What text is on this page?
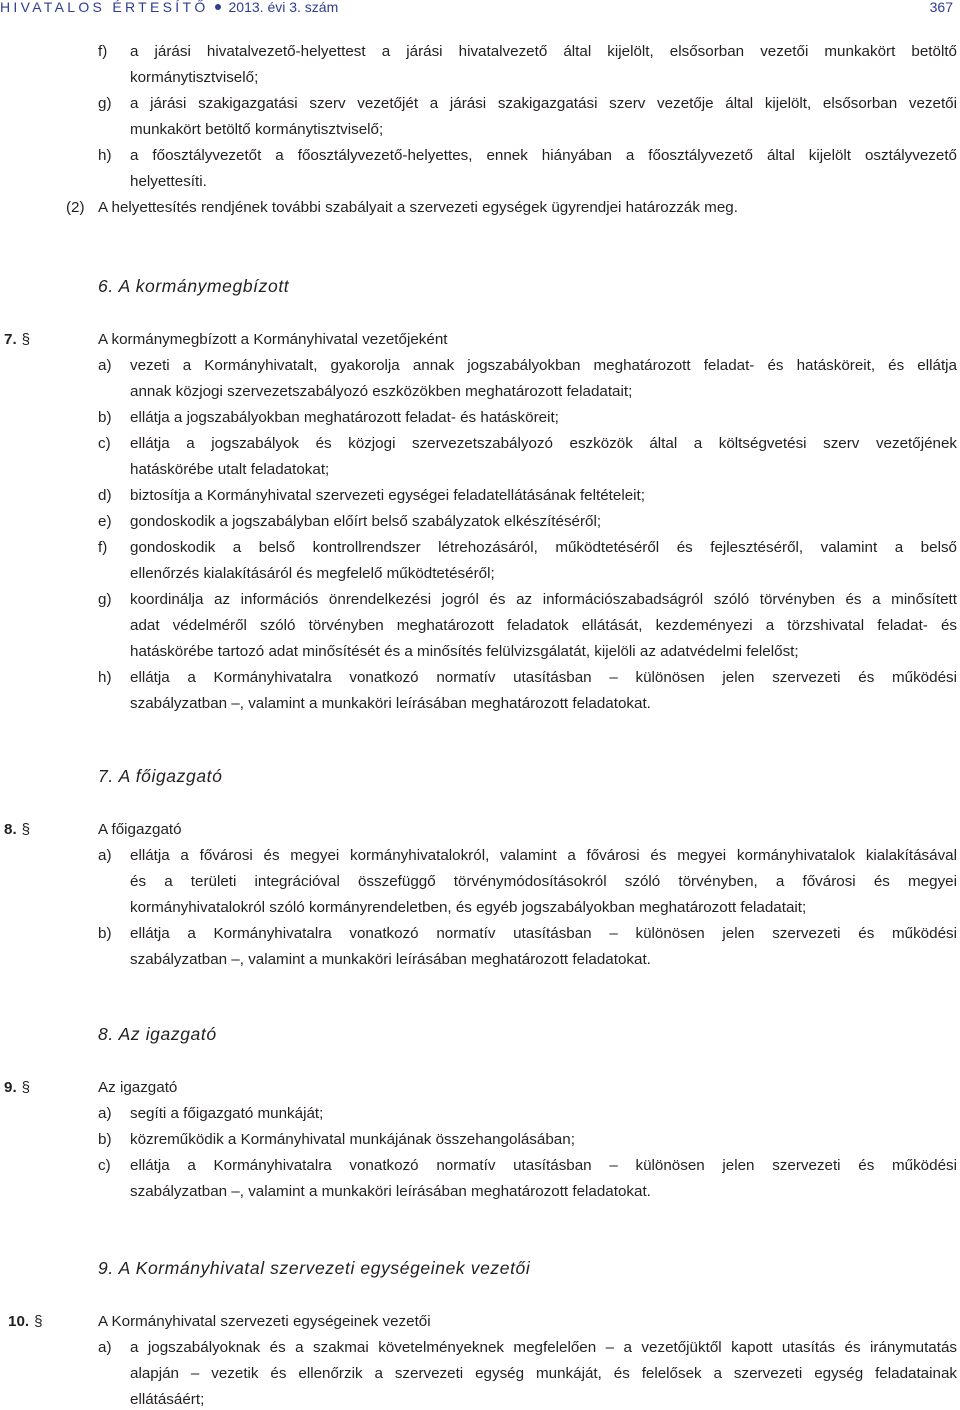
HIVATALOS ÉRTESÍTŐ 2013. évi 3. szám	367
f) a járási hivatalvezető-helyettest a járási hivatalvezető által kijelölt, elsősorban vezetői munkakört betöltő
kormánytisztviselő;
g) a járási szakigazgatási szerv vezetőjét a járási szakigazgatási szerv vezetője által kijelölt, elsősorban vezetői
munkakört betöltő kormánytisztviselő;
h) a főosztályvezetőt a főosztályvezető-helyettes, ennek hiányában a főosztályvezető által kijelölt osztályvezető
helyettesíti.
(2) A helyettesítés rendjének további szabályait a szervezeti egységek ügyrendjei határozzák meg.
6. A kormánymegbízott
7. §	A kormánymegbízott a Kormányhivatal vezetőjeként
a) vezeti a Kormányhivatalt, gyakorolja annak jogszabályokban meghatározott feladat- és hatásköreit, és ellátja
annak közjogi szervezetszabályozó eszközökben meghatározott feladatait;
b) ellátja a jogszabályokban meghatározott feladat- és hatásköreit;
c) ellátja a jogszabályok és közjogi szervezetszabályozó eszközök által a költségvetési szerv vezetőjének
hatáskörébe utalt feladatokat;
d) biztosítja a Kormányhivatal szervezeti egységei feladatellátásának feltételeit;
e) gondoskodik a jogszabályban előírt belső szabályzatok elkészítéséről;
f) gondoskodik a belső kontrollrendszer létrehozásáról, működtetéséről és fejlesztéséről, valamint a belső
ellenőrzés kialakításáról és megfelelő működtetéséről;
g) koordinálja az információs önrendelkezési jogról és az információszabadságról szóló törvényben és a minősített
adat védelméről szóló törvényben meghatározott feladatok ellátását, kezdeményezi a törzshivatal feladat- és
hatáskörébe tartozó adat minősítését és a minősítés felülvizsgálatát, kijelöli az adatvédelmi felelőst;
h) ellátja a Kormányhivatalra vonatkozó normatív utasításban – különösen jelen szervezeti és működési
szabályzatban –, valamint a munkaköri leírásában meghatározott feladatokat.
7. A főigazgató
8. §	A főigazgató
a) ellátja a fővárosi és megyei kormányhivatalokról, valamint a fővárosi és megyei kormányhivatalok kialakításával
és a területi integrációval összefüggő törvénymódosításokról szóló törvényben, a fővárosi és megyei
kormányhivatalokról szóló kormányrendeletben, és egyéb jogszabályokban meghatározott feladatait;
b) ellátja a Kormányhivatalra vonatkozó normatív utasításban – különösen jelen szervezeti és működési
szabályzatban –, valamint a munkaköri leírásában meghatározott feladatokat.
8. Az igazgató
9. §	Az igazgató
a) segíti a főigazgató munkáját;
b) közreműködik a Kormányhivatal munkájának összehangolásában;
c) ellátja a Kormányhivatalra vonatkozó normatív utasításban – különösen jelen szervezeti és működési
szabályzatban –, valamint a munkaköri leírásában meghatározott feladatokat.
9. A Kormányhivatal szervezeti egységeinek vezetői
10. §	A Kormányhivatal szervezeti egységeinek vezetői
a) a jogszabályoknak és a szakmai követelményeknek megfelelően – a vezetőjüktől kapott utasítás és iránymutatás
alapján – vezetik és ellenőrzik a szervezeti egység munkáját, és felelősek a szervezeti egység feladatainak
ellátásáért;
